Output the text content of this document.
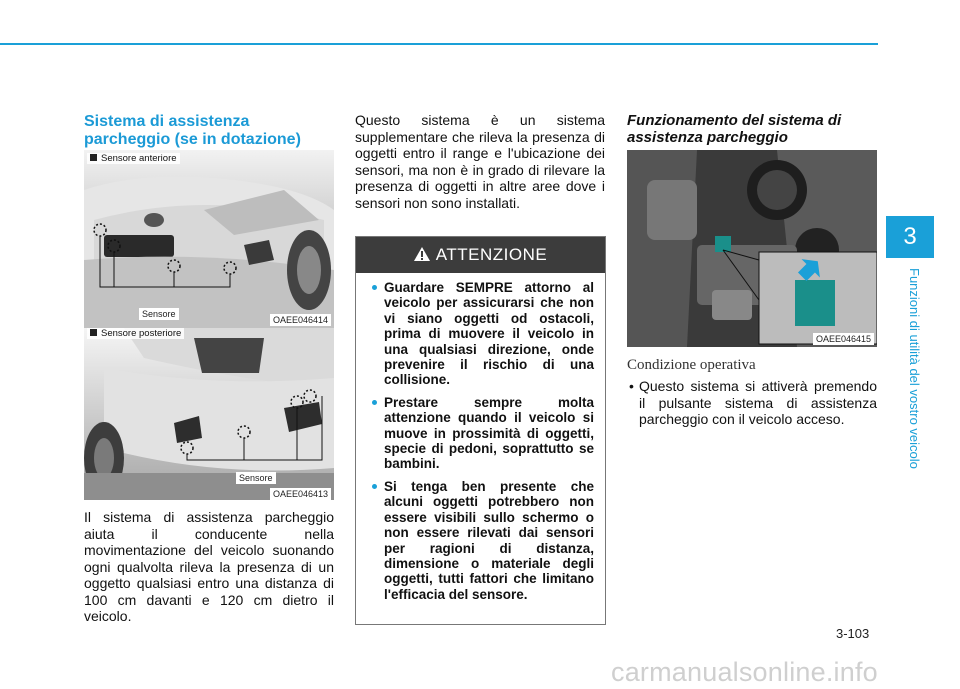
Sistema di assistenza
parcheggio (se in dotazione)
Sensore anteriore
Sensore
OAEE046414
Sensore posteriore
Sensore
OAEE046413
Il sistema di assistenza parcheggio aiuta il conducente nella movimentazione del veicolo suonando ogni qualvolta rileva la presenza di un oggetto qualsiasi entro una distanza di 100 cm davanti e 120 cm dietro il veicolo.
Questo sistema è un sistema supplementare che rileva la presenza di oggetti entro il range e l'ubicazione dei sensori, ma non è in grado di rilevare la presenza di oggetti in altre aree dove i sensori non sono installati.
ATTENZIONE
Guardare SEMPRE attorno al veicolo per assicurarsi che non vi siano oggetti od ostacoli, prima di muovere il veicolo in una qualsiasi direzione, onde prevenire il rischio di una collisione.
Prestare sempre molta attenzione quando il veicolo si muove in prossimità di oggetti, specie di pedoni, soprattutto se bambini.
Si tenga ben presente che alcuni oggetti potrebbero non essere visibili sullo schermo o non essere rilevati dai sensori per ragioni di distanza, dimensione o materiale degli oggetti, tutti fattori che limitano l'efficacia del sensore.
Funzionamento del sistema di
assistenza parcheggio
OAEE046415
Condizione operativa
• Questo sistema si attiverà premendo il pulsante sistema di assistenza parcheggio con il veicolo acceso.
3
Funzioni di utilità del vostro veicolo
3-103
carmanualsonline.info
